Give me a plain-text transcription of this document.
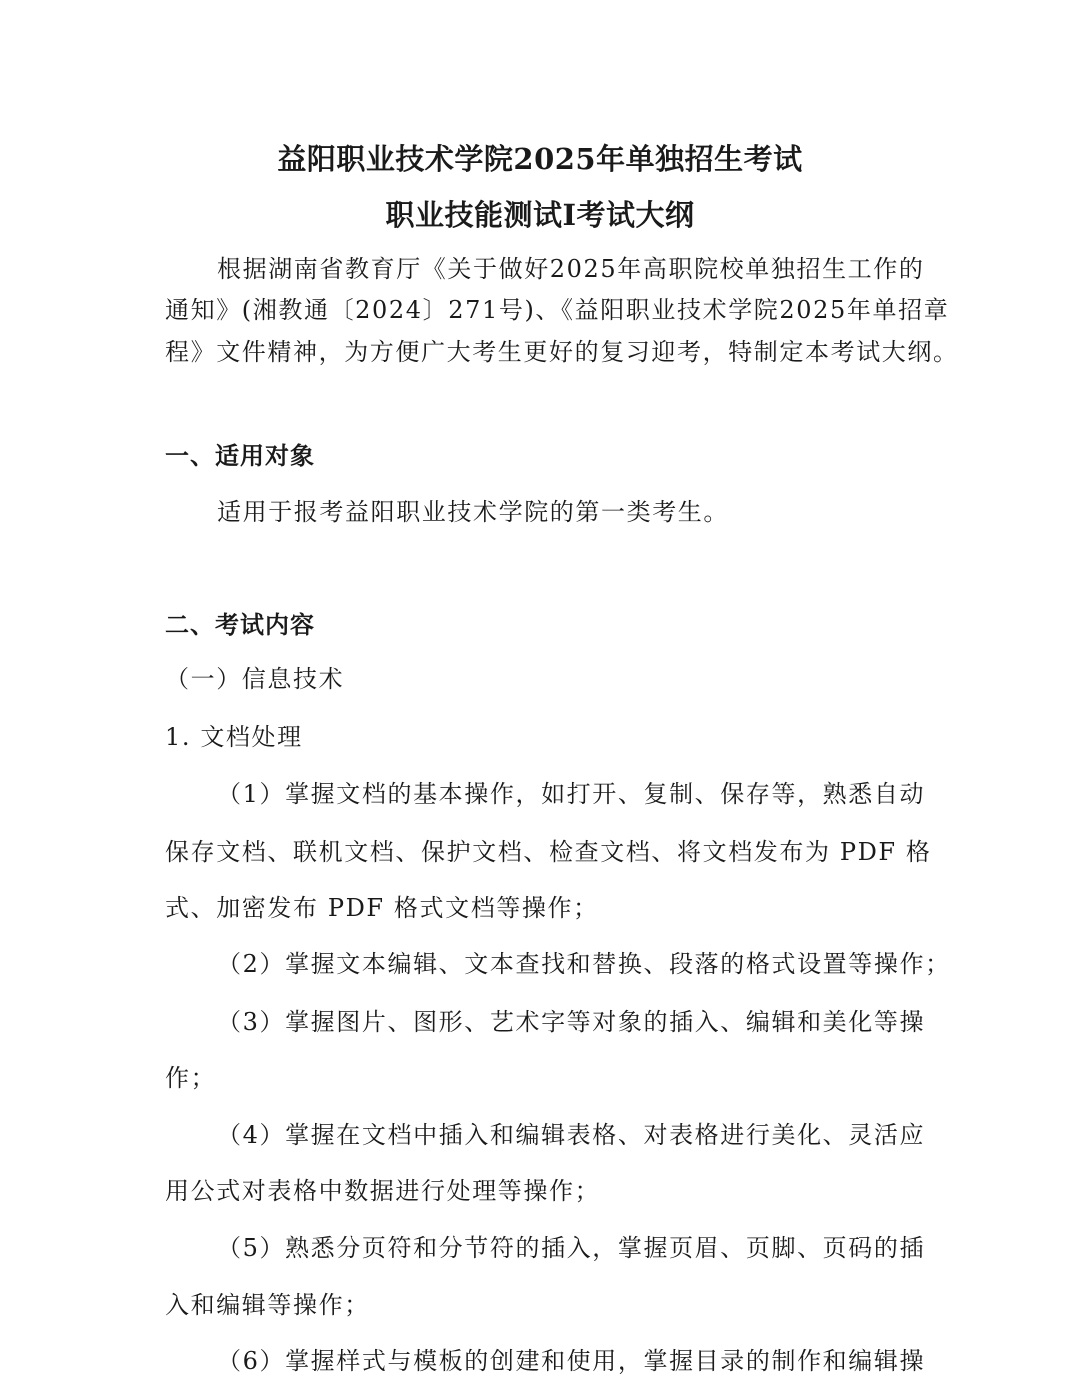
益阳职业技术学院2025年单独招生考试
职业技能测试Ⅰ考试大纲
根据湖南省教育厅《关于做好2025年高职院校单独招生工作的
通知》(湘教通〔2024〕271号)、《益阳职业技术学院2025年单招章
程》文件精神，为方便广大考生更好的复习迎考，特制定本考试大纲。
一、适用对象
适用于报考益阳职业技术学院的第一类考生。
二、考试内容
（一）信息技术
1. 文档处理
（1）掌握文档的基本操作，如打开、复制、保存等，熟悉自动
保存文档、联机文档、保护文档、检查文档、将文档发布为 PDF 格
式、加密发布 PDF 格式文档等操作；
（2）掌握文本编辑、文本查找和替换、段落的格式设置等操作；
（3）掌握图片、图形、艺术字等对象的插入、编辑和美化等操
作；
（4）掌握在文档中插入和编辑表格、对表格进行美化、灵活应
用公式对表格中数据进行处理等操作；
（5）熟悉分页符和分节符的插入，掌握页眉、页脚、页码的插
入和编辑等操作；
（6）掌握样式与模板的创建和使用，掌握目录的制作和编辑操
